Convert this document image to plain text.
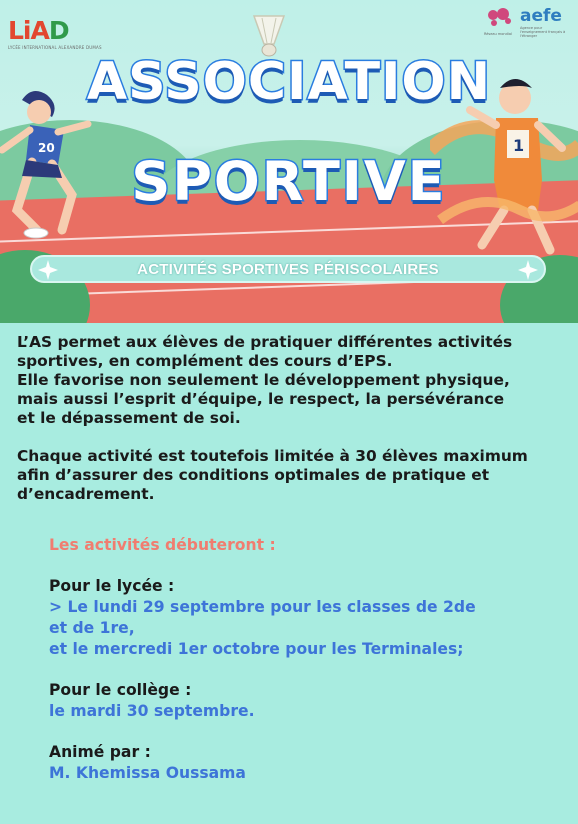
LiAD
LYCÉE INTERNATIONAL ALEXANDRE DUMAS
Réseau mondial
aefe
Agence pour l'enseignement français à l'étranger
20	1
ASSOCIATION
SPORTIVE
ACTIVITÉS SPORTIVES PÉRISCOLAIRES

L’AS permet aux élèves de pratiquer différentes activités
sportives, en complément des cours d’EPS.
Elle favorise non seulement le développement physique,
mais aussi l’esprit d’équipe, le respect, la persévérance
et le dépassement de soi.

Chaque activité est toutefois limitée à 30 élèves maximum
afin d’assurer des conditions optimales de pratique et
d’encadrement.

Les activités débuteront :
Pour le lycée :
> Le lundi 29 septembre pour les classes de 2de
et de 1re,
et le mercredi 1er octobre pour les Terminales;
Pour le collège :
le mardi 30 septembre.
Animé par :
M. Khemissa Oussama
